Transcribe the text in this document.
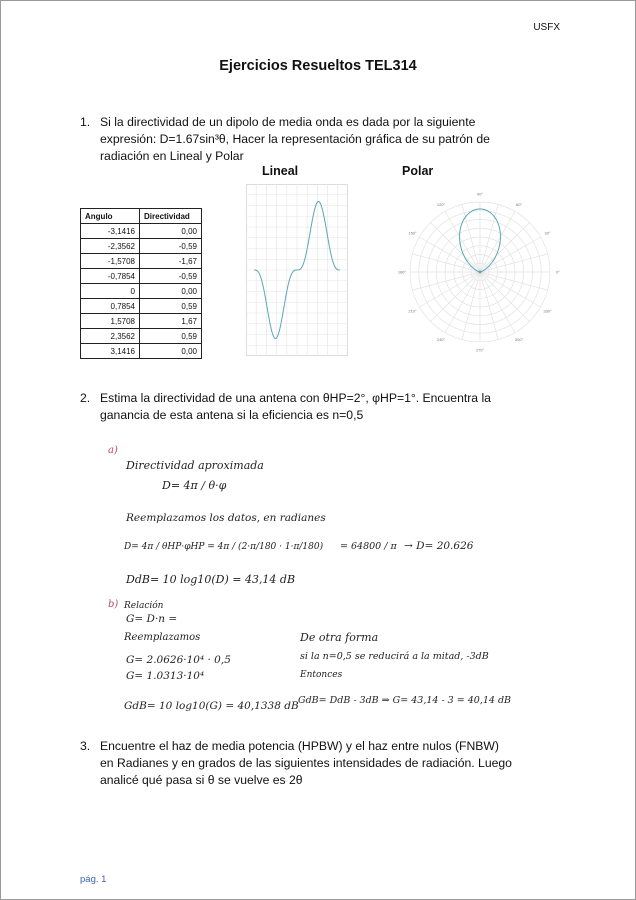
USFX
Ejercicios Resueltos TEL314
1. Si la directividad de un dipolo de media onda es dada por la siguiente
expresión: D=1.67sin³θ, Hacer la representación gráfica de su patrón de
radiación en Lineal y Polar
Lineal	Polar
Angulo	Directividad
-3,1416	0,00
-2,3562	-0,59
-1,5708	-1,67
-0,7854	-0,59
0	0,00
0,7854	0,59
1,5708	1,67
2,3562	0,59
3,1416	0,00
90°
120°	60°
150°	30°
180°	0°
210°	330°
240°	300°
270°
2. Estima la directividad de una antena con θHP=2°, φHP=1°. Encuentra la
ganancia de esta antena si la eficiencia es n=0,5
a)
Directividad aproximada
D= 4π / θ·φ
Reemplazamos los datos, en radianes
D= 4π / θHP·φHP = 4π / (2·π/180 · 1·π/180) = 64800 / π → D= 20.626
DdB= 10 log10(D) = 43,14 dB
b) Relación
G= D·n =
Reemplazamos
G= 2.0626·10⁴ · 0,5
G= 1.0313·10⁴
GdB= 10 log10(G) = 40,1338 dB
De otra forma
si la n=0,5 se reducirá a la mitad, -3dB
Entonces
GdB= DdB - 3dB ⇒ G= 43,14 - 3 = 40,14 dB
3. Encuentre el haz de media potencia (HPBW) y el haz entre nulos (FNBW)
en Radianes y en grados de las siguientes intensidades de radiación. Luego
analicé qué pasa si θ se vuelve es 2θ
pág. 1
